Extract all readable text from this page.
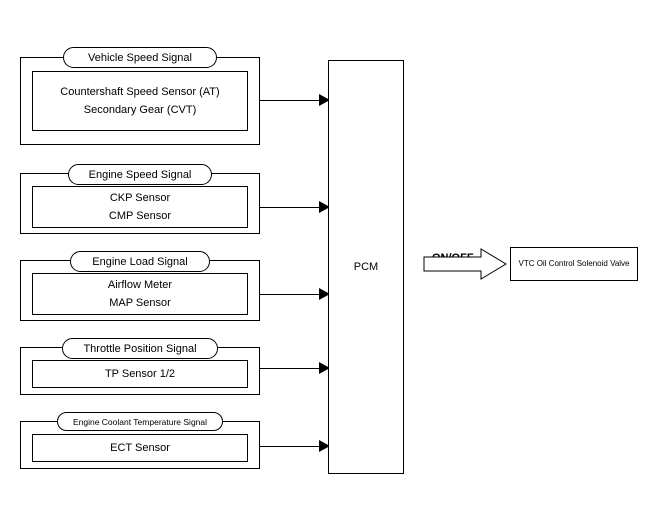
Countershaft Speed Sensor (AT)
Secondary Gear (CVT)
Vehicle Speed Signal
CKP Sensor
CMP Sensor
Engine Speed Signal
Airflow Meter
MAP Sensor
Engine Load Signal
TP Sensor 1/2
Throttle Position Signal
ECT Sensor
Engine Coolant Temperature Signal
PCM	VTC Oil Control Solenoid Valve
